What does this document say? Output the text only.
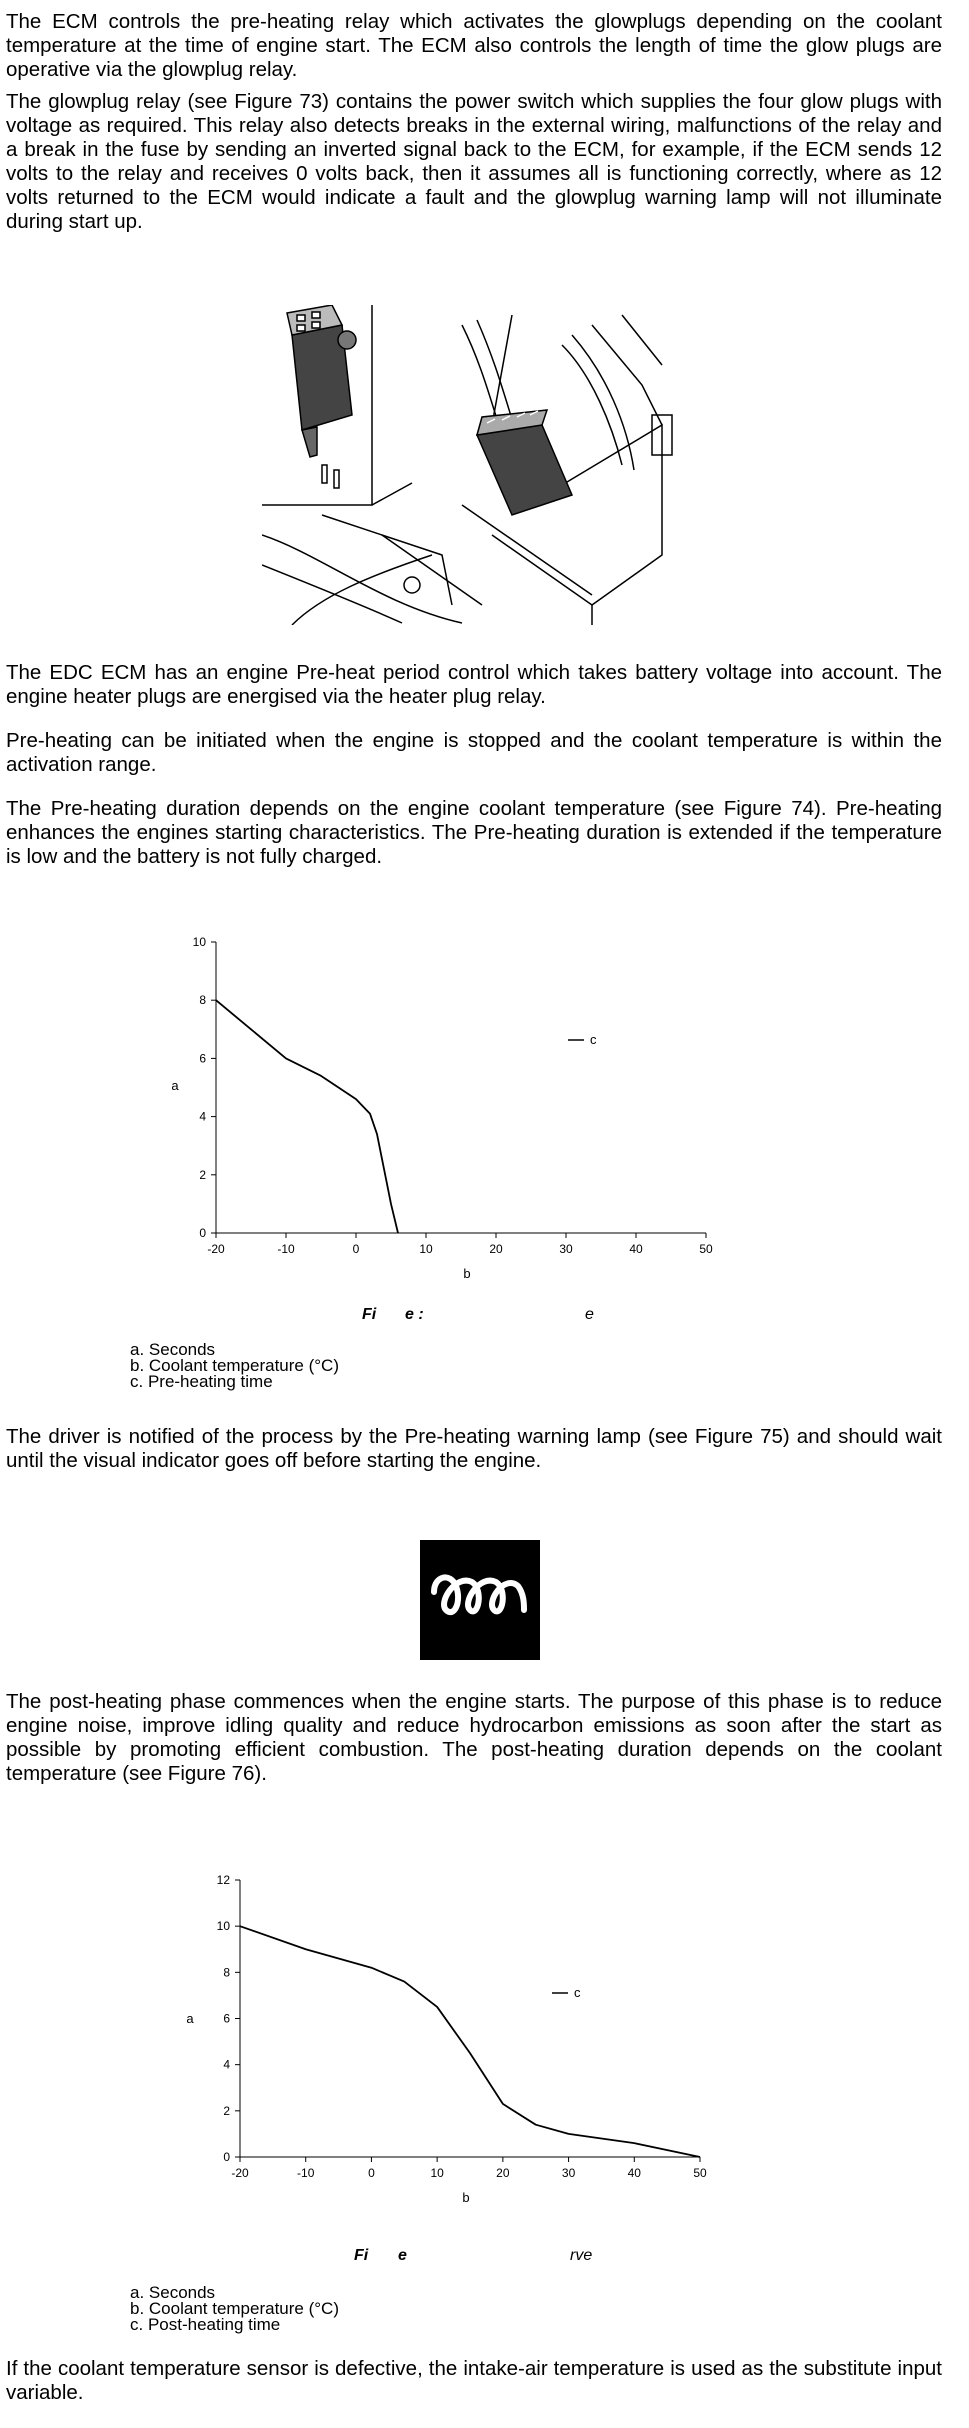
The ECM controls the pre-heating relay which activates the glowplugs depending on the coolant temperature at the time of engine start. The ECM also controls the length of time the glow plugs are operative via the glowplug relay.

The glowplug relay (see Figure 73) contains the power switch which supplies the four glow plugs with voltage as required. This relay also detects breaks in the external wiring, malfunctions of the relay and a break in the fuse by sending an inverted signal back to the ECM, for example, if the ECM sends 12 volts to the relay and receives 0 volts back, then it assumes all is functioning correctly, where as 12 volts returned to the ECM would indicate a fault and the glowplug warning lamp will not illuminate during start up.

The EDC ECM has an engine Pre-heat period control which takes battery voltage into account. The engine heater plugs are energised via the heater plug relay.

Pre-heating can be initiated when the engine is stopped and the coolant temperature is within the activation range.

The Pre-heating duration depends on the engine coolant temperature (see Figure 74). Pre-heating enhances the engines starting characteristics. The Pre-heating duration is extended if the temperature is low and the battery is not fully charged.

-20	-10	0	10	20	30	40	50
0
2
4
6
8
10
b
a
c
Fi e :	e
a. Seconds
b. Coolant temperature (°C)
c. Pre-heating time

The driver is notified of the process by the Pre-heating warning lamp (see Figure 75) and should wait until the visual indicator goes off before starting the engine.

The post-heating phase commences when the engine starts. The purpose of this phase is to reduce engine noise, improve idling quality and reduce hydrocarbon emissions as soon after the start as possible by promoting efficient combustion. The post-heating duration depends on the coolant temperature (see Figure 76).

-20	-10	0	10	20	30	40	50
0
2
4
6
8
10
12
b
a
c
Fi e	rve
a. Seconds
b. Coolant temperature (°C)
c. Post-heating time

If the coolant temperature sensor is defective, the intake-air temperature is used as the substitute input variable.
